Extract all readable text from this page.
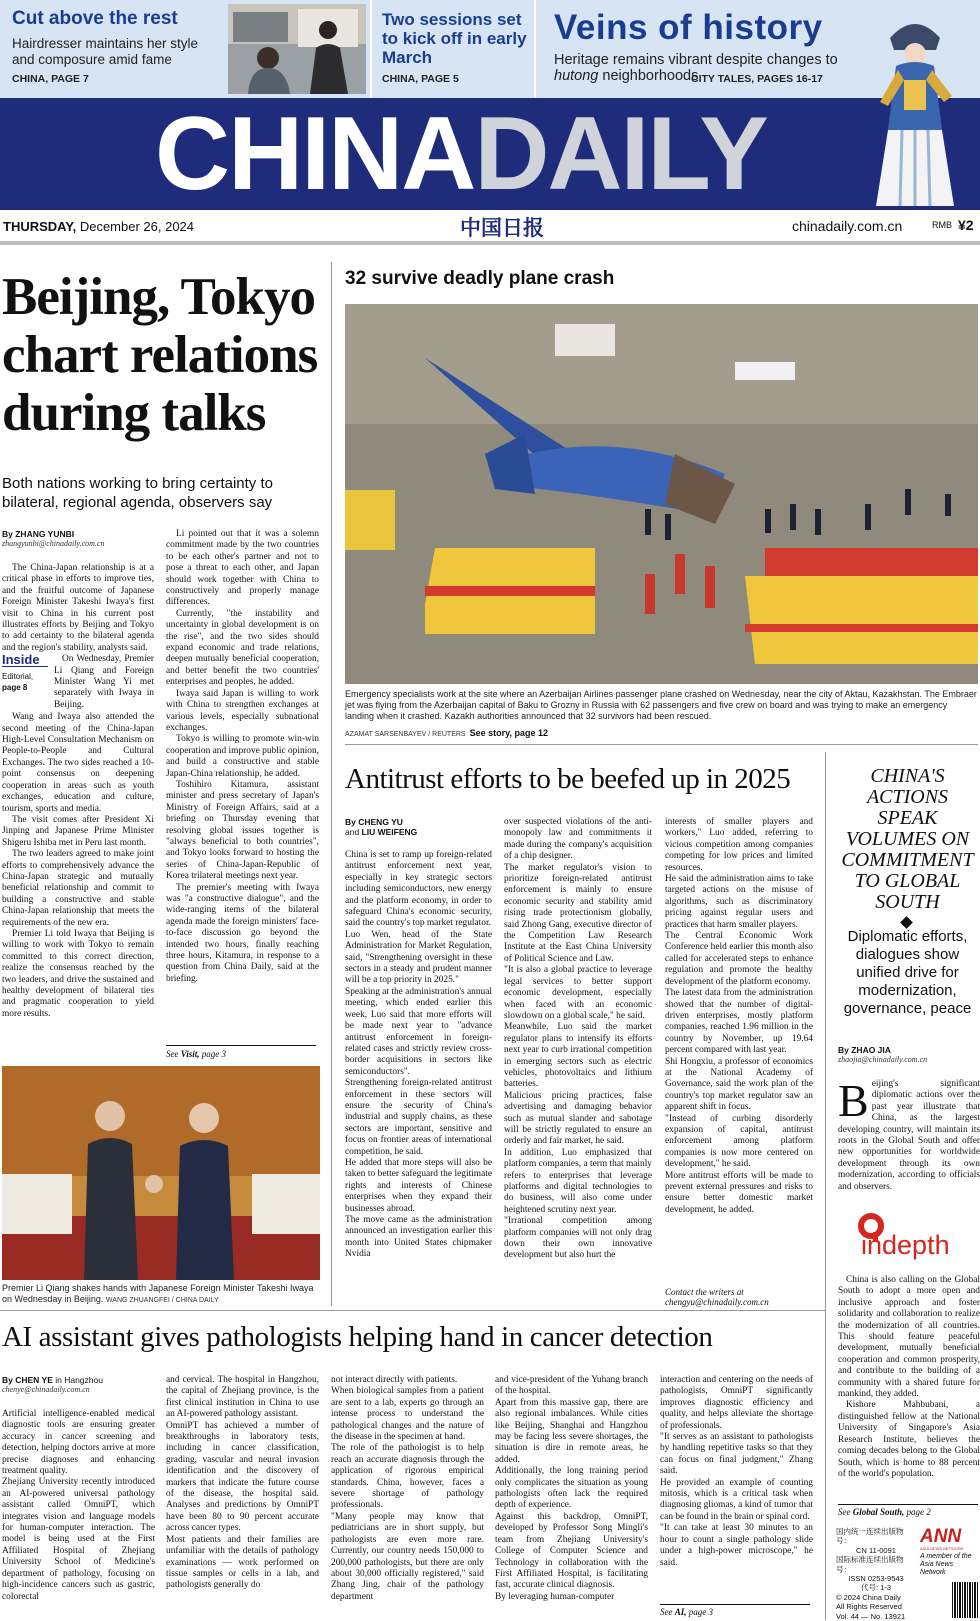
Cut above the rest
Hairdresser maintains her style and composure amid fame
CHINA, PAGE 7
Two sessions set to kick off in early March
CHINA, PAGE 5
Veins of history
Heritage remains vibrant despite changes to hutong neighborhoods
CITY TALES, PAGES 16-17
CHINADAILY
THURSDAY, December 26, 2024	中国日报	chinadaily.com.cn	RMB ¥2
Beijing, Tokyo chart relations during talks
Both nations working to bring certainty to bilateral, regional agenda, observers say
By ZHANG YUNBI
zhangyunbi@chinadaily.com.cn

The China-Japan relationship is at a critical phase in efforts to improve ties, and the fruitful outcome of Japanese Foreign Minister Takeshi Iwaya's first visit to China in his current post illustrates efforts by Beijing and Tokyo to add certainty to the bilateral agenda and the region's stability, analysts said.

Inside
Editorial,
page 8

On Wednesday, Premier Li Qiang and Foreign Minister Wang Yi met separately with Iwaya in Beijing.

Wang and Iwaya also attended the second meeting of the China-Japan High-Level Consultation Mechanism on People-to-People and Cultural Exchanges. The two sides reached a 10-point consensus on deepening cooperation in areas such as youth exchanges, education and culture, tourism, sports and media.

The visit comes after President Xi Jinping and Japanese Prime Minister Shigeru Ishiba met in Peru last month.

The two leaders agreed to make joint efforts to comprehensively advance the China-Japan strategic and mutually beneficial relationship and commit to building a constructive and stable China-Japan relationship that meets the requirements of the new era.

Premier Li told Iwaya that Beijing is willing to work with Tokyo to remain committed to this correct direction, realize the consensus reached by the two leaders, and drive the sustained and healthy development of bilateral ties and pragmatic cooperation to yield more results.

Li pointed out that it was a solemn commitment made by the two countries to be each other's partner and not to pose a threat to each other, and Japan should work together with China to constructively and properly manage differences.

Currently, "the instability and uncertainty in global development is on the rise", and the two sides should expand economic and trade relations, deepen mutually beneficial cooperation, and better benefit the two countries' enterprises and peoples, he added.

Iwaya said Japan is willing to work with China to strengthen exchanges at various levels, especially subnational exchanges.

Tokyo is willing to promote win-win cooperation and improve public opinion, and build a constructive and stable Japan-China relationship, he added.

Toshihiro Kitamura, assistant minister and press secretary of Japan's Ministry of Foreign Affairs, said at a briefing on Thursday evening that resolving global issues together is "always beneficial to both countries", and Tokyo looks forward to hosting the series of China-Japan-Republic of Korea trilateral meetings next year.

The premier's meeting with Iwaya was "a constructive dialogue", and the wide-ranging items of the bilateral agenda made the foreign ministers' face-to-face discussion go beyond the intended two hours, finally reaching three hours, Kitamura, in response to a question from China Daily, said at the briefing.

See Visit, page 3
Premier Li Qiang shakes hands with Japanese Foreign Minister Takeshi Iwaya on Wednesday in Beijing. WANG ZHUANGFEI / CHINA DAILY
32 survive deadly plane crash
Emergency specialists work at the site where an Azerbaijan Airlines passenger plane crashed on Wednesday, near the city of Aktau, Kazakhstan. The Embraer jet was flying from the Azerbaijan capital of Baku to Grozny in Russia with 62 passengers and five crew on board and was trying to make an emergency landing when it crashed. Kazakh authorities announced that 32 survivors had been rescued.
AZAMAT SARSENBAYEV / REUTERS See story, page 12
Antitrust efforts to be beefed up in 2025
By CHENG YU
and LIU WEIFENG
China is set to ramp up foreign-related antitrust enforcement next year, especially in key strategic sectors including semiconductors, new energy and the platform economy, in order to safeguard China's economic security, said the country's top market regulator.
Luo Wen, head of the State Administration for Market Regulation, said, "Strengthening oversight in these sectors in a steady and prudent manner will be a top priority in 2025."
Speaking at the administration's annual meeting, which ended earlier this week, Luo said that more efforts will be made next year to "advance antitrust enforcement in foreign-related cases and strictly review cross-border acquisitions in sectors like semiconductors".
Strengthening foreign-related antitrust enforcement in these sectors will ensure the security of China's industrial and supply chains, as these sectors are important, sensitive and focus on frontier areas of international competition, he said.
He added that more steps will also be taken to better safeguard the legitimate rights and interests of Chinese enterprises when they expand their businesses abroad.
The move came as the administration announced an investigation earlier this month into United States chipmaker Nvidia
over suspected violations of the anti-monopoly law and commitments it made during the company's acquisition of a chip designer.
The market regulator's vision to prioritize foreign-related antitrust enforcement is mainly to ensure economic security and stability amid rising trade protectionism globally, said Zhong Gang, executive director of the Competition Law Research Institute at the East China University of Political Science and Law.
"It is also a global practice to leverage legal services to better support economic development, especially when faced with an economic slowdown on a global scale," he said.
Meanwhile, Luo said the market regulator plans to intensify its efforts next year to curb irrational competition in emerging sectors such as electric vehicles, photovoltaics and lithium batteries.
Malicious pricing practices, false advertising and damaging behavior such as mutual slander and sabotage will be strictly regulated to ensure an orderly and fair market, he said.
In addition, Luo emphasized that platform companies, a term that mainly refers to enterprises that leverage platforms and digital technologies to do business, will also come under heightened scrutiny next year.
"Irrational competition among platform companies will not only drag down their own innovative development but also hurt the
interests of smaller players and workers," Luo added, referring to vicious competition among companies competing for low prices and limited resources.
He said the administration aims to take targeted actions on the misuse of algorithms, such as discriminatory pricing against regular users and practices that harm smaller players.
The Central Economic Work Conference held earlier this month also called for accelerated steps to enhance regulation and promote the healthy development of the platform economy.
The latest data from the administration showed that the number of digital-driven enterprises, mostly platform companies, reached 1.96 million in the country by November, up 19.64 percent compared with last year.
Shi Hongxiu, a professor of economics at the National Academy of Governance, said the work plan of the country's top market regulator saw an apparent shift in focus.
"Instead of curbing disorderly expansion of capital, antitrust enforcement among platform companies is now more centered on development," he said.
More antitrust efforts will be made to prevent external pressures and risks to ensure better domestic market development, he added.
Contact the writers at
chengyu@chinadaily.com.cn
CHINA'S ACTIONS SPEAK VOLUMES ON COMMITMENT TO GLOBAL SOUTH
Diplomatic efforts, dialogues show unified drive for modernization, governance, peace
By ZHAO JIA
zhaojia@chinadaily.com.cn
Beijing's significant diplomatic actions over the past year illustrate that China, as the largest developing country, will maintain its roots in the Global South and offer new opportunities for worldwide development through its own modernization, according to officials and observers.
indepth

China is also calling on the Global South to adopt a more open and inclusive approach and foster solidarity and collaboration to realize the modernization of all countries. This should feature peaceful development, mutually beneficial cooperation and common prosperity, and contribute to the building of a community with a shared future for mankind, they added.

Kishore Mahbubani, a distinguished fellow at the National University of Singapore's Asia Research Institute, believes the coming decades belong to the Global South, which is home to 88 percent of the world's population.

See Global South, page 2
国内统一连续出版物号：
CN 11-0091
国际标准连续出版物号：
ISSN 0253-9543
代号: 1-3
© 2024 China Daily
All Rights Reserved
Vol. 44 — No. 13921
ANN
ASIA NEWS NETWORK
A member of the Asia News Network
AI assistant gives pathologists helping hand in cancer detection
By CHEN YE in Hangzhou
chenye@chinadaily.com.cn
Artificial intelligence-enabled medical diagnostic tools are ensuring greater accuracy in cancer screening and detection, helping doctors arrive at more precise diagnoses and enhancing treatment quality.
Zhejiang University recently introduced an AI-powered universal pathology assistant called OmniPT, which integrates vision and language models for human-computer interaction. The model is being used at the First Affiliated Hospital of Zhejiang University School of Medicine's department of pathology, focusing on high-incidence cancers such as gastric, colorectal
and cervical. The hospital in Hangzhou, the capital of Zhejiang province, is the first clinical institution in China to use an AI-powered pathology assistant.
OmniPT has achieved a number of breakthroughs in laboratory tests, including in cancer classification, grading, vascular and neural invasion identification and the discovery of markers that indicate the future course of the disease, the hospital said. Analyses and predictions by OmniPT have been 80 to 90 percent accurate across cancer types.
Most patients and their families are unfamiliar with the details of pathology examinations — work performed on tissue samples or cells in a lab, and pathologists generally do
not interact directly with patients.
When biological samples from a patient are sent to a lab, experts go through an intense process to understand the pathological changes and the nature of the disease in the specimen at hand.
The role of the pathologist is to help reach an accurate diagnosis through the application of rigorous empirical standards. China, however, faces a severe shortage of pathology professionals.
"Many people may know that pediatricians are in short supply, but pathologists are even more rare. Currently, our country needs 150,000 to 200,000 pathologists, but there are only about 30,000 officially registered," said Zhang Jing, chair of the pathology department
and vice-president of the Yuhang branch of the hospital.
Apart from this massive gap, there are also regional imbalances. While cities like Beijing, Shanghai and Hangzhou may be facing less severe shortages, the situation is dire in remote areas, he added.
Additionally, the long training period only complicates the situation as young pathologists often lack the required depth of experience.
Against this backdrop, OmniPT, developed by Professor Song Mingli's team from Zhejiang University's College of Computer Science and Technology in collaboration with the First Affiliated Hospital, is facilitating fast, accurate clinical diagnosis.
By leveraging human-computer
interaction and centering on the needs of pathologists, OmniPT significantly improves diagnostic efficiency and quality, and helps alleviate the shortage of professionals.
"It serves as an assistant to pathologists by handling repetitive tasks so that they can focus on final judgment," Zhang said.
He provided an example of counting mitosis, which is a critical task when diagnosing gliomas, a kind of tumor that can be found in the brain or spinal cord.
"It can take at least 30 minutes to an hour to count a single pathology slide under a high-power microscope," he said.
See AI, page 3
